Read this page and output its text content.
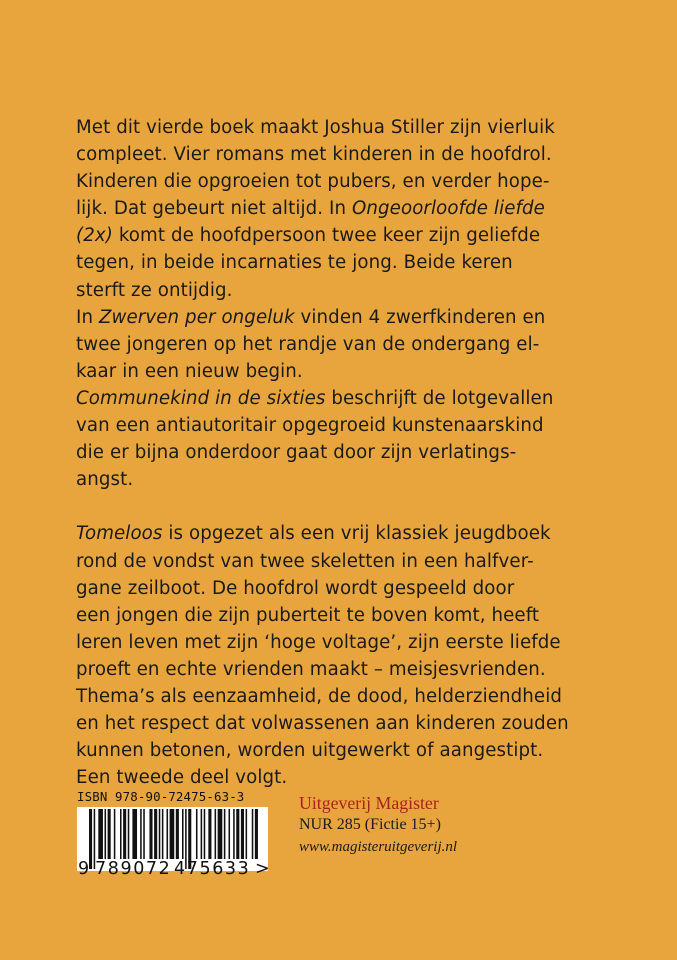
Met dit vierde boek maakt Joshua Stiller zijn vierluik
compleet. Vier romans met kinderen in de hoofdrol.
Kinderen die opgroeien tot pubers, en verder hope-
lijk. Dat gebeurt niet altijd. In Ongeoorloofde liefde
(2x) komt de hoofdpersoon twee keer zijn geliefde
tegen, in beide incarnaties te jong. Beide keren
sterft ze ontijdig.
In Zwerven per ongeluk vinden 4 zwerfkinderen en
twee jongeren op het randje van de ondergang el-
kaar in een nieuw begin.
Communekind in de sixties beschrijft de lotgevallen
van een antiautoritair opgegroeid kunstenaarskind
die er bijna onderdoor gaat door zijn verlatings-
angst.
Tomeloos is opgezet als een vrij klassiek jeugdboek
rond de vondst van twee skeletten in een halfver-
gane zeilboot. De hoofdrol wordt gespeeld door
een jongen die zijn puberteit te boven komt, heeft
leren leven met zijn ‘hoge voltage’, zijn eerste liefde
proeft en echte vrienden maakt – meisjesvrienden.
Thema’s als eenzaamheid, de dood, helderziendheid
en het respect dat volwassenen aan kinderen zouden
kunnen betonen, worden uitgewerkt of aangestipt.
Een tweede deel volgt.
ISBN 978-90-72475-63-3
9 789072 475633 >
Uitgeverij Magister
NUR 285 (Fictie 15+)
www.magisteruitgeverij.nl
